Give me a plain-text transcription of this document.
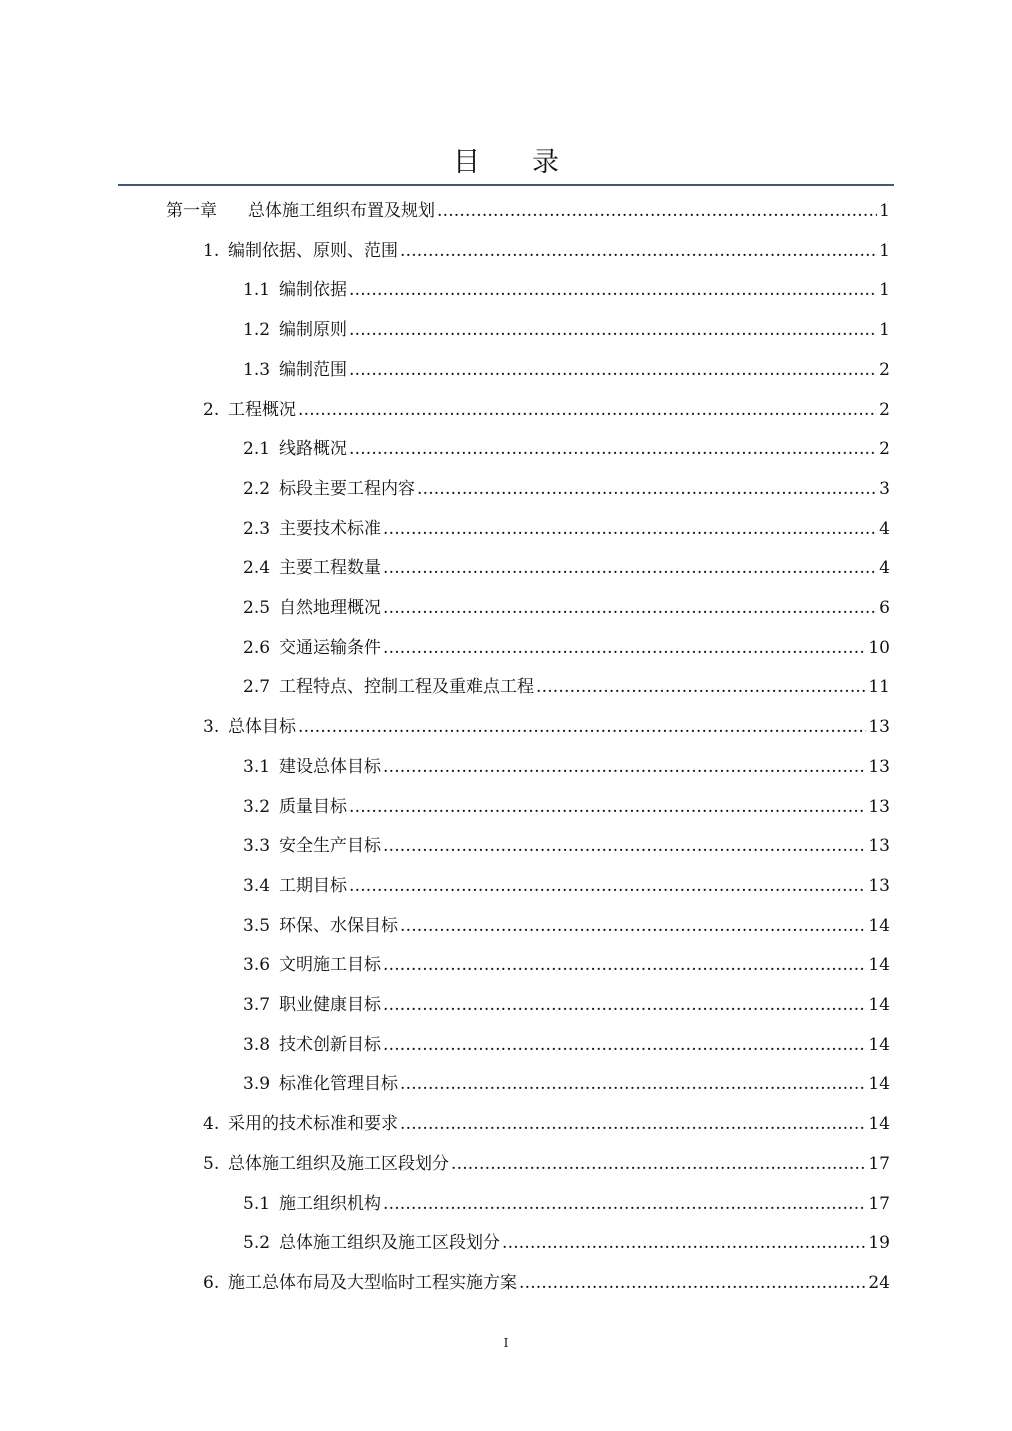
目 录
第一章	总体施工组织布置及规划 .....	1
1. 编制依据、原则、范围 .....	1
1.1 编制依据 .....	1
1.2 编制原则 .....	1
1.3 编制范围 .....	2
2. 工程概况 .....	2
2.1 线路概况 .....	2
2.2 标段主要工程内容 .....	3
2.3 主要技术标准 .....	4
2.4 主要工程数量 .....	4
2.5 自然地理概况 .....	6
2.6 交通运输条件 .....	10
2.7 工程特点、控制工程及重难点工程 .....	11
3. 总体目标 .....	13
3.1 建设总体目标 .....	13
3.2 质量目标 .....	13
3.3 安全生产目标 .....	13
3.4 工期目标 .....	13
3.5 环保、水保目标 .....	14
3.6 文明施工目标 .....	14
3.7 职业健康目标 .....	14
3.8 技术创新目标 .....	14
3.9 标准化管理目标 .....	14
4. 采用的技术标准和要求 .....	14
5. 总体施工组织及施工区段划分 .....	17
5.1 施工组织机构 .....	17
5.2 总体施工组织及施工区段划分 .....	19
6. 施工总体布局及大型临时工程实施方案 .....	24
I
